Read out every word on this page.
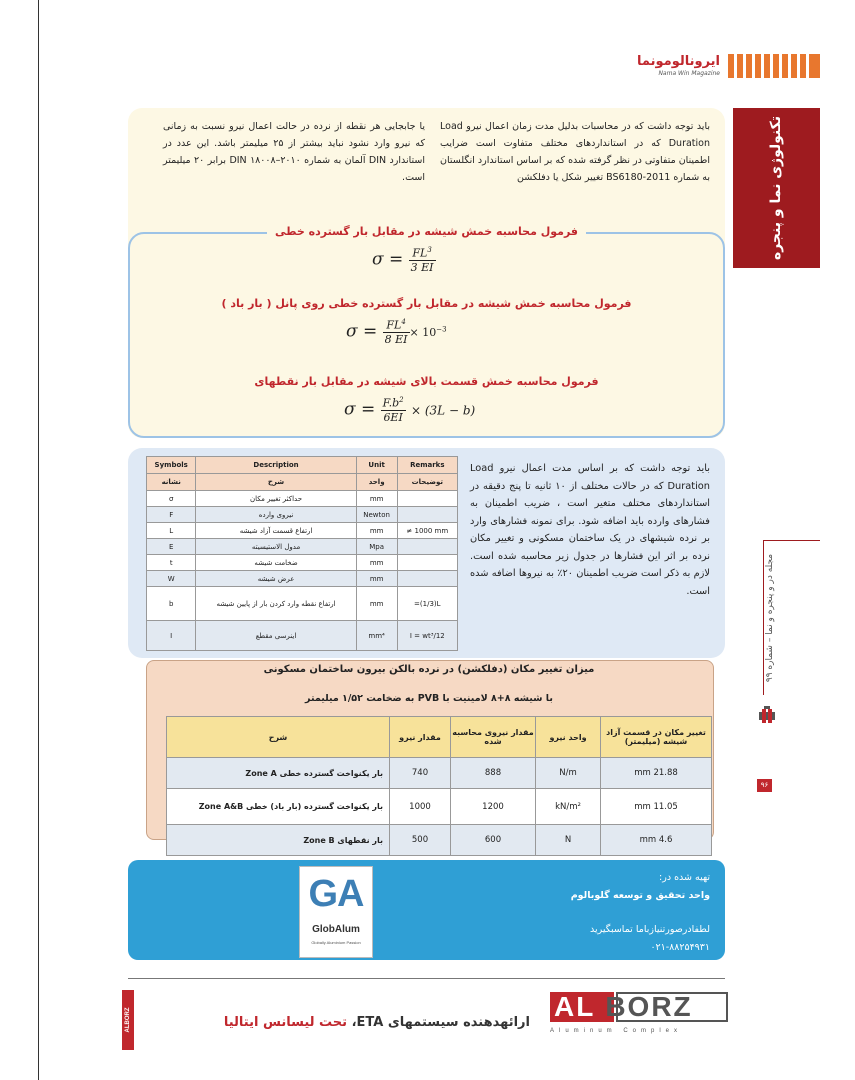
ایرونالومونما
Nama Win Magazine
تکنولوژی نما و پنجره
مجله در و پنجره و نما – شماره ۹۹
۹۶
باید توجه داشت که در محاسبات بدلیل مدت زمان اعمال نیرو Load Duration که در استانداردهای مختلف متفاوت است ضرایب اطمینان متفاوتی در نظر گرفته شده که بر اساس استاندارد انگلستان به شماره BS6180-2011 تغییر شکل یا دفلکشن
یا جابجایی هر نقطه از نرده در حالت اعمال نیرو نسبت به زمانی که نیرو وارد نشود نباید بیشتر از ۲۵ میلیمتر باشد. این عدد در استاندارد DIN آلمان به شماره DIN ۱۸۰۰۸–۲۰۱۰ برابر ۲۰ میلیمتر است.
فرمول محاسبه خمش شیشه در مقابل بار گسترده خطی
$\sigma = \frac{FL^3}{3 EI}$
فرمول محاسبه خمش شیشه در مقابل بار گسترده خطی روی پانل ( بار باد )
$\sigma = \frac{FL^4}{8 EI} \times 10^{-3}$
فرمول محاسبه خمش قسمت بالای شیشه در مقابل بار نقطهای
$\sigma = \frac{F.b^2}{6EI} \times (3L - b)$
Symbols	Description	Unit	Remarks
نشانه	شرح	واحد	توضیحات
σ	حداکثر تغییر مکان	mm	
F	نیروی وارده	Newton	
L	ارتفاع قسمت آزاد شیشه	mm	≠ 1000 mm
E	مدول الاستیسیته	Mpa	
t	ضخامت شیشه	mm	
W	عرض شیشه	mm	
b	ارتفاع نقطه وارد کردن بار از پایین شیشه	mm	=(1/3)L
I	اینرسی مقطع	mm⁴	I = wt³/12
باید توجه داشت که بر اساس مدت اعمال نیرو Load Duration که در حالات مختلف از ۱۰ ثانیه تا پنج دقیقه در استانداردهای مختلف متغیر است ، ضریب اطمینان به فشارهای وارده باید اضافه شود. برای نمونه فشارهای وارد بر نرده شیشهای در یک ساختمان مسکونی و تغییر مکان نرده بر اثر این فشارها در جدول زیر محاسبه شده است. لازم به ذکر است ضریب اطمینان ۲۰٪ به نیروها اضافه شده است.
میزان تغییر مکان (دفلکشن) در نرده بالکن بیرون ساختمان مسکونی
با شیشه ۸+۸ لامینیت با PVB به ضخامت ۱/۵۲ میلیمتر
تغییر مکان در قسمت آزاد شیشه (میلیمتر)	واحد نیرو	مقدار نیروی محاسبه شده	مقدار نیرو	شرح
21.88 mm	N/m	888	740	بار یکنواخت گسترده خطی Zone A
11.05 mm	kN/m²	1200	1000	بار یکنواخت گسترده (بار باد) خطی Zone A&B
4.6 mm	N	600	500	بار نقطهای Zone B
GA
GlobAlum
Globally Aluminium Passion
تهیه شده در:
واحد تحقیق و توسعه گلوبالوم
لطفادرصورتنیازباما تماسبگیرید
۰۲۱-۸۸۲۵۴۹۳۱
ALBORZ	ارائهدهنده سیستمهای ETA، تحت لیسانس ایتالیا
AL BORZ
Aluminum Complex
